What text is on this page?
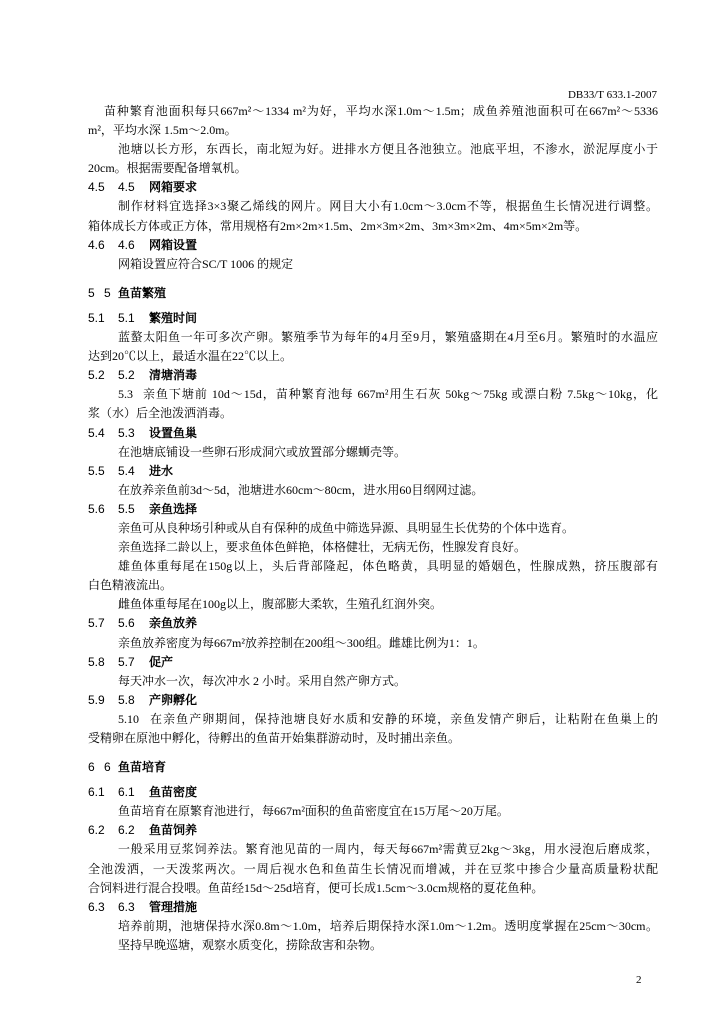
DB33/T 633.1-2007
苗种繁育池面积每只667m²～1334 m²为好，平均水深1.0m～1.5m；成鱼养殖池面积可在667m²～5336
m²，平均水深 1.5m～2.0m。
池塘以长方形，东西长，南北短为好。进排水方便且各池独立。池底平坦，不渗水，淤泥厚度小于
20cm。根据需要配备增氧机。
4.5 4.5 网箱要求
制作材料宜选择3×3聚乙烯线的网片。网目大小有1.0cm～3.0cm不等，根据鱼生长情况进行调整。
箱体成长方体或正方体，常用规格有2m×2m×1.5m、2m×3m×2m、3m×3m×2m、4m×5m×2m等。
4.6 4.6 网箱设置
网箱设置应符合SC/T 1006 的规定
5 5 鱼苗繁殖
5.1 5.1 繁殖时间
蓝螯太阳鱼一年可多次产卵。繁殖季节为每年的4月至9月，繁殖盛期在4月至6月。繁殖时的水温应
达到20℃以上，最适水温在22℃以上。
5.2 5.2 清塘消毒
5.3 亲鱼下塘前 10d～15d，苗种繁育池每 667m²用生石灰 50kg～75kg 或漂白粉 7.5kg～10kg，化
浆（水）后全池泼洒消毒。
5.4 5.3 设置鱼巢
在池塘底铺设一些卵石形成洞穴或放置部分螺蛳壳等。
5.5 5.4 进水
在放养亲鱼前3d～5d，池塘进水60cm～80cm，进水用60目纲网过滤。
5.6 5.5 亲鱼选择
亲鱼可从良种场引种或从自有保种的成鱼中筛选异源、具明显生长优势的个体中选育。
亲鱼选择二龄以上，要求鱼体色鲜艳，体格健壮，无病无伤，性腺发育良好。
雄鱼体重每尾在150g以上，头后背部隆起，体色略黄，具明显的婚姻色，性腺成熟，挤压腹部有
白色精液流出。
雌鱼体重每尾在100g以上，腹部膨大柔软，生殖孔红润外突。
5.7 5.6 亲鱼放养
亲鱼放养密度为每667m²放养控制在200组～300组。雌雄比例为1：1。
5.8 5.7 促产
每天冲水一次，每次冲水 2 小时。采用自然产卵方式。
5.9 5.8 产卵孵化
5.10 在亲鱼产卵期间，保持池塘良好水质和安静的环境，亲鱼发情产卵后，让粘附在鱼巢上的
受精卵在原池中孵化，待孵出的鱼苗开始集群游动时，及时捕出亲鱼。
6 6 鱼苗培育
6.1 6.1 鱼苗密度
鱼苗培育在原繁育池进行，每667m²面积的鱼苗密度宜在15万尾～20万尾。
6.2 6.2 鱼苗饲养
一般采用豆浆饲养法。繁育池见苗的一周内，每天每667m²需黄豆2kg～3kg，用水浸泡后磨成浆，
全池泼洒，一天泼浆两次。一周后视水色和鱼苗生长情况而增减，并在豆浆中掺合少量高质量粉状配
合饲料进行混合投喂。鱼苗经15d～25d培育，便可长成1.5cm～3.0cm规格的夏花鱼种。
6.3 6.3 管理措施
培养前期，池塘保持水深0.8m～1.0m，培养后期保持水深1.0m～1.2m。透明度掌握在25cm～30cm。
坚持早晚巡塘，观察水质变化，捞除敌害和杂物。
2
